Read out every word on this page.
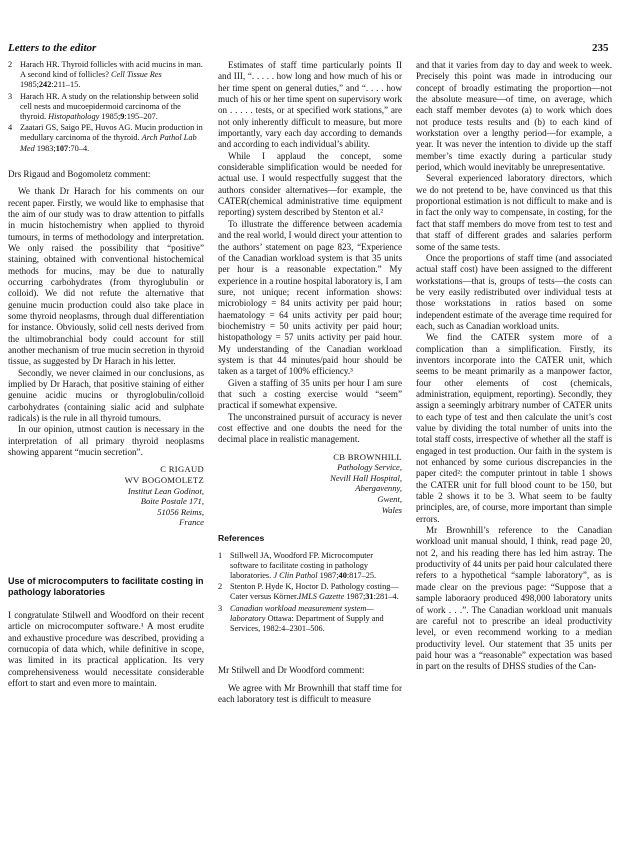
Letters to the editor	235
2 Harach HR. Thyroid follicles with acid mucins in man. A second kind of follicles? Cell Tissue Res 1985;242:211–15.
3 Harach HR. A study on the relationship between solid cell nests and mucoepidermoid carcinoma of the thyroid. Histopathology 1985;9:195–207.
4 Zaatari GS, Saigo PE, Huvos AG. Mucin production in medullary carcinoma of the thyroid. Arch Pathol Lab Med 1983;107:70–4.

Drs Rigaud and Bogomoletz comment:

We thank Dr Harach for his comments on our recent paper. Firstly, we would like to emphasise that the aim of our study was to draw attention to pitfalls in mucin histochemistry when applied to thyroid tumours, in terms of methodology and interpretation. We only raised the possibility that “positive” staining, obtained with conventional histochemical methods for mucins, may be due to naturally occurring carbohydrates (from thyroglubulin or colloid). We did not refute the alternative that genuine mucin production could also take place in some thyroid neoplasms, through dual differentiation for instance. Obviously, solid cell nests derived from the ultimobranchial body could account for still another mechanism of true mucin secretion in thyroid tissue, as suggested by Dr Harach in his letter.

Secondly, we never claimed in our conclusions, as implied by Dr Harach, that positive staining of either genuine acidic mucins or thyroglobulin/colloid carbohydrates (containing sialic acid and sulphate radicals) is the rule in all thyroid tumours.

In our opinion, utmost caution is necessary in the interpretation of all primary thyroid neoplasms showing apparent “mucin secretion”.

C RIGAUD
WV BOGOMOLETZ
Institut Lean Godinot,
Boite Postale 171,
51056 Reims,
France
Use of microcomputers to facilitate costing in pathology laboratories

I congratulate Stilwell and Woodford on their recent article on microcomputer software.¹ A most erudite and exhaustive procedure was described, providing a cornucopia of data which, while definitive in scope, was limited in its practical application. Its very comprehensiveness would necessitate considerable effort to start and even more to maintain.

Estimates of staff time particularly points II and III, “. . . . . how long and how much of his or her time spent on general duties,” and “. . . . how much of his or her time spent on supervisory work on . . . . . tests, or at specified work stations,” are not only inherently difficult to measure, but more importantly, vary each day according to demands and according to each individual’s ability.

While I applaud the concept, some considerable simplification would be needed for actual use. I would respectfully suggest that the authors consider alternatives—for example, the CATER(chemical administrative time equipment reporting) system described by Stenton et al.²

To illustrate the difference between academia and the real world, I would direct your attention to the authors’ statement on page 823, “Experience of the Canadian workload system is that 35 units per hour is a reasonable expectation.” My experience in a routine hospital laboratory is, I am sure, not unique; recent information shows: microbiology = 84 units activity per paid hour; haematology = 64 units activity per paid hour; biochemistry = 50 units activity per paid hour; histopathology = 57 units activity per paid hour. My understanding of the Canadian workload system is that 44 minutes/paid hour should be taken as a target of 100% efficiency.³

Given a staffing of 35 units per hour I am sure that such a costing exercise would “seem” practical if somewhat expensive.

The unconstrained pursuit of accuracy is never cost effective and one doubts the need for the decimal place in realistic management.

CB BROWNHILL
Pathology Service,
Nevill Hall Hospital,
Abergavenny,
Gwent,
Wales
References
1 Stillwell JA, Woodford FP. Microcomputer software to facilitate costing in pathology laboratories. J Clin Pathol 1987;40:817–25.
2 Stenton P. Hyde K, Hoctor D. Pathology costing—Cater versus Körner.IMLS Gazette 1987;31:281–4.
3 Canadian workload measurement system—laboratory Ottawa: Department of Supply and Services, 1982:4–2301–506.

Mr Stilwell and Dr Woodford comment:

We agree with Mr Brownhill that staff time for each laboratory test is difficult to measure

and that it varies from day to day and week to week. Precisely this point was made in introducing our concept of broadly estimating the proportion—not the absolute measure—of time, on average, which each staff member devotes (a) to work which does not produce tests results and (b) to each kind of workstation over a lengthy period—for example, a year. It was never the intention to divide up the staff member’s time exactly during a particular study period, which would inevitably be unrepresentative.

Several experienced laboratory directors, which we do not pretend to be, have convinced us that this proportional estimation is not difficult to make and is in fact the only way to compensate, in costing, for the fact that staff members do move from test to test and that staff of different grades and salaries perform some of the same tests.

Once the proportions of staff time (and associated actual staff cost) have been assigned to the different workstations—that is, groups of tests—the costs can be very easily redistributed over individual tests at those workstations in ratios based on some independent estimate of the average time required for each, such as Canadian workload units.

We find the CATER system more of a complication than a simplification. Firstly, its inventors incorporate into the CATER unit, which seems to be meant primarily as a manpower factor, four other elements of cost (chemicals, administration, equipment, reporting). Secondly, they assign a seemingly arbitrary number of CATER units to each type of test and then calculate the unit’s cost value by dividing the total number of units into the total staff costs, irrespective of whether all the staff is engaged in test production. Our faith in the system is not enhanced by some curious discrepancies in the paper cited²: the computer printout in table 1 shows the CATER unit for full blood count to be 150, but table 2 shows it to be 3. What seem to be faulty principles, are, of course, more important than simple errors.

Mr Brownhill’s reference to the Canadian workload unit manual should, I think, read page 20, not 2, and his reading there has led him astray. The productivity of 44 units per paid hour calculated there refers to a hypothetical “sample laboratory”, as is made clear on the previous page: “Suppose that a sample laboraory produced 498,000 laboratory units of work . . .”. The Canadian workload unit manuals are careful not to prescribe an ideal productivity level, or even recommend working to a median productivity level. Our statement that 35 units per paid hour was a “reasonable” expectation was based in part on the results of DHSS studies of the Can-
